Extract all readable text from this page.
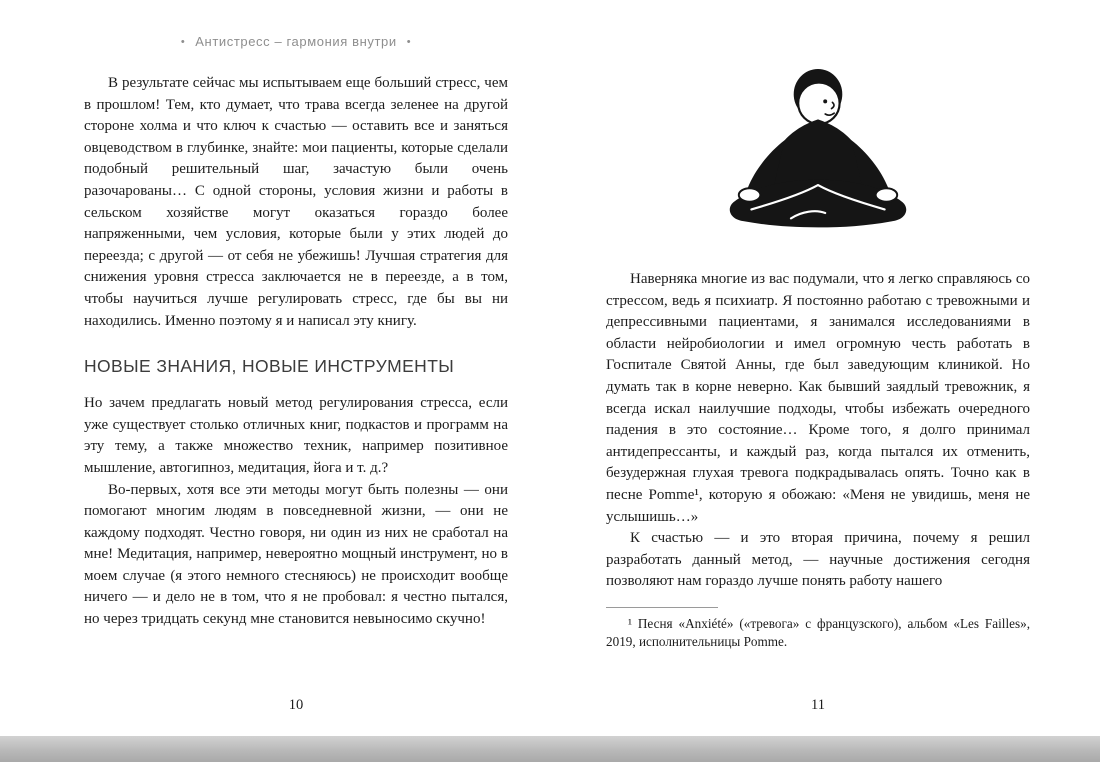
• Антистресс – гармония внутри •

В результате сейчас мы испытываем еще больший стресс, чем в прошлом! Тем, кто думает, что трава всегда зеленее на другой стороне холма и что ключ к счастью — оставить все и заняться овцеводством в глубинке, знайте: мои пациенты, которые сделали подобный решительный шаг, зачастую были очень разочарованы… С одной стороны, условия жизни и работы в сельском хозяйстве могут оказаться гораздо более напряженными, чем условия, которые были у этих людей до переезда; с другой — от себя не убежишь! Лучшая стратегия для снижения уровня стресса заключается не в переезде, а в том, чтобы научиться лучше регулировать стресс, где бы вы ни находились. Именно поэтому я и написал эту книгу.

НОВЫЕ ЗНАНИЯ, НОВЫЕ ИНСТРУМЕНТЫ

Но зачем предлагать новый метод регулирования стресса, если уже существует столько отличных книг, подкастов и программ на эту тему, а также множество техник, например позитивное мышление, автогипноз, медитация, йога и т. д.?

Во-первых, хотя все эти методы могут быть полезны — они помогают многим людям в повседневной жизни, — они не каждому подходят. Честно говоря, ни один из них не сработал на мне! Медитация, например, невероятно мощный инструмент, но в моем случае (я этого немного стесняюсь) не происходит вообще ничего — и дело не в том, что я не пробовал: я честно пытался, но через тридцать секунд мне становится невыносимо скучно!

Наверняка многие из вас подумали, что я легко справляюсь со стрессом, ведь я психиатр. Я постоянно работаю с тревожными и депрессивными пациентами, я занимался исследованиями в области нейробиологии и имел огромную честь работать в Госпитале Святой Анны, где был заведующим клиникой. Но думать так в корне неверно. Как бывший заядлый тревожник, я всегда искал наилучшие подходы, чтобы избежать очередного падения в это состояние… Кроме того, я долго принимал антидепрессанты, и каждый раз, когда пытался их отменить, безудержная глухая тревога подкрадывалась опять. Точно как в песне Pomme¹, которую я обожаю: «Меня не увидишь, меня не услышишь…»

К счастью — и это вторая причина, почему я решил разработать данный метод, — научные достижения сегодня позволяют нам гораздо лучше понять работу нашего

¹ Песня «Anxiété» («тревога» с французского), альбом «Les Failles», 2019, исполнительницы Pomme.

10	11
